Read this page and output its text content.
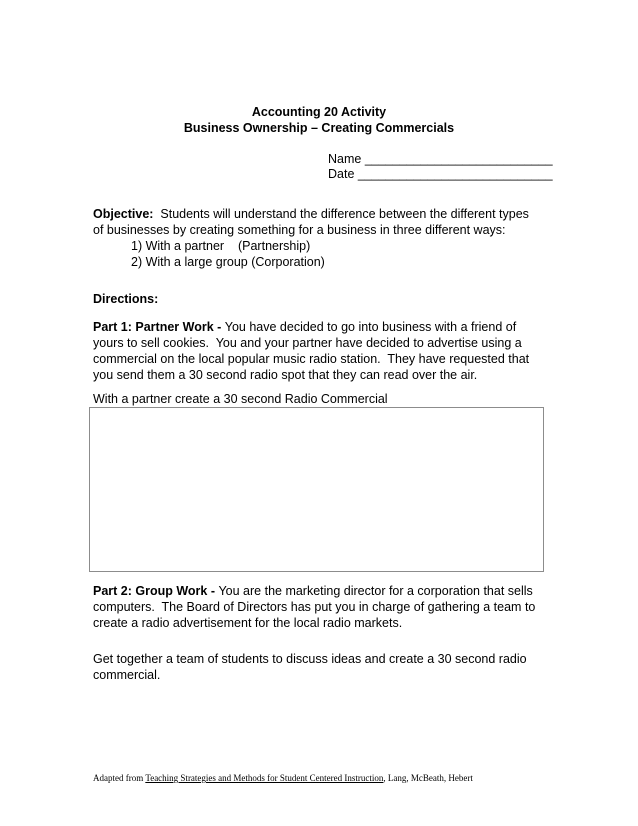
Accounting 20 Activity
Business Ownership – Creating Commercials
Name ___________________________
Date ____________________________
Objective:  Students will understand the difference between the different types
of businesses by creating something for a business in three different ways:
1) With a partner    (Partnership)
2) With a large group (Corporation)
Directions:
Part 1: Partner Work - You have decided to go into business with a friend of
yours to sell cookies.  You and your partner have decided to advertise using a
commercial on the local popular music radio station.  They have requested that
you send them a 30 second radio spot that they can read over the air.
With a partner create a 30 second Radio Commercial
Part 2: Group Work - You are the marketing director for a corporation that sells
computers.  The Board of Directors has put you in charge of gathering a team to
create a radio advertisement for the local radio markets.
Get together a team of students to discuss ideas and create a 30 second radio
commercial.
Adapted from Teaching Strategies and Methods for Student Centered Instruction, Lang, McBeath, Hebert
